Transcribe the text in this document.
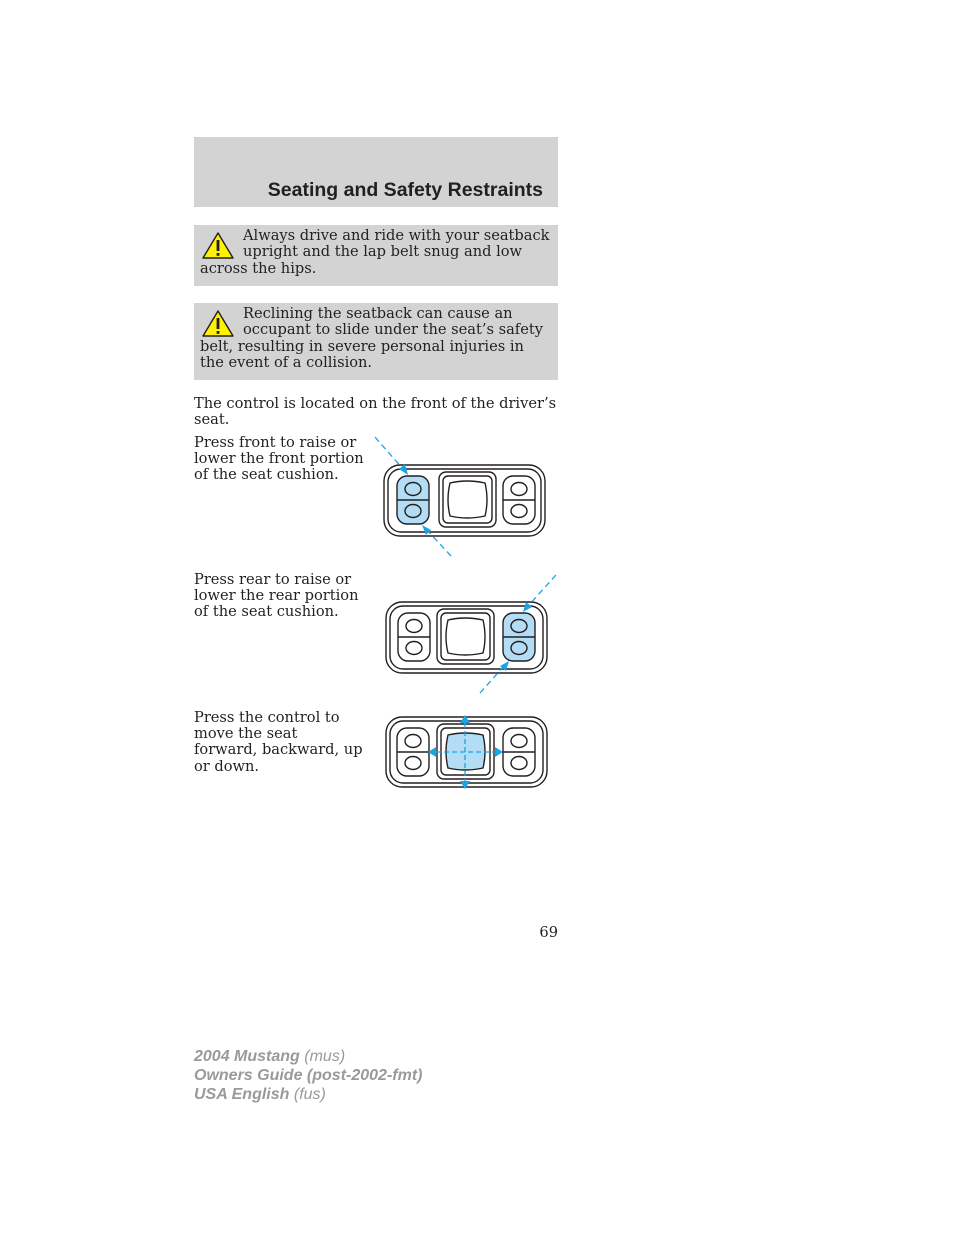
Seating and Safety Restraints

Always drive and ride with your seatback upright and the lap belt snug and low across the hips.

Reclining the seatback can cause an occupant to slide under the seat’s safety belt, resulting in severe personal injuries in the event of a collision.

The control is located on the front of the driver’s seat.

Press front to raise or lower the front portion of the seat cushion.

Press rear to raise or lower the rear portion of the seat cushion.

Press the control to move the seat forward, backward, up or down.

69

2004 Mustang (mus)
Owners Guide (post-2002-fmt)
USA English (fus)
